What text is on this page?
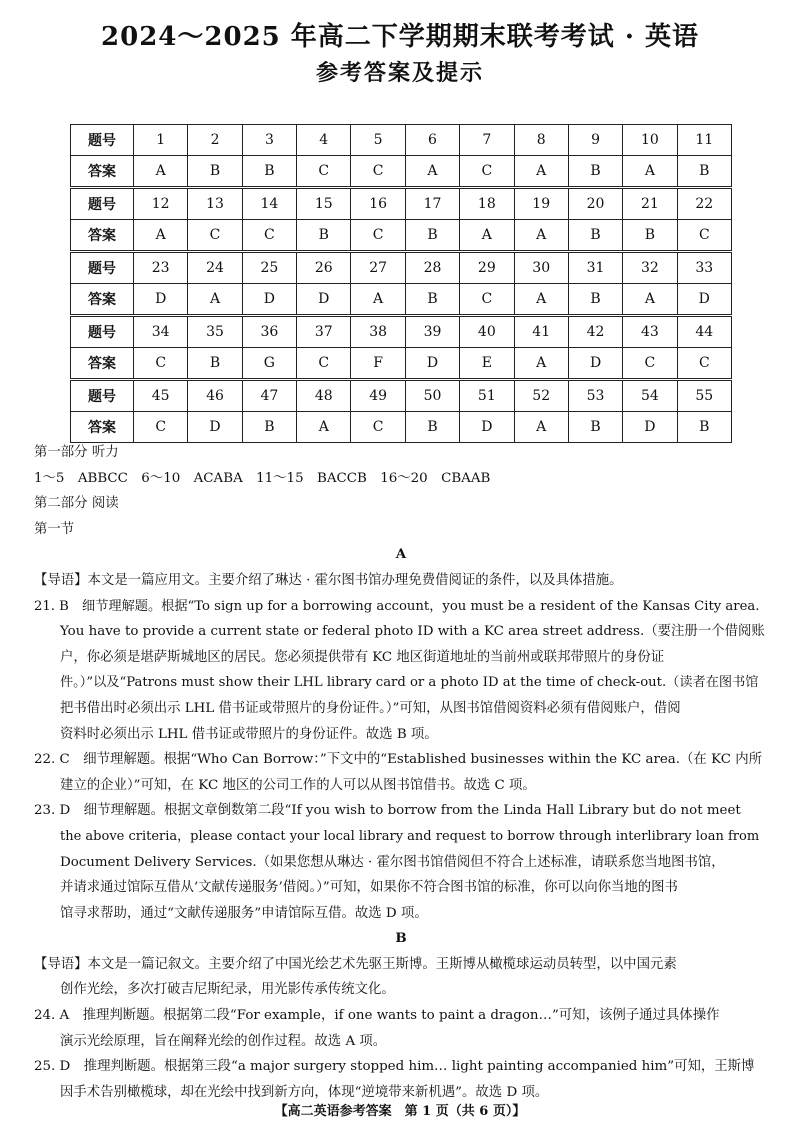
2024～2025 年高二下学期期末联考考试 · 英语
参考答案及提示
题号	1	2	3	4	5	6	7	8	9	10	11
答案	A	B	B	C	C	A	C	A	B	A	B
题号	12	13	14	15	16	17	18	19	20	21	22
答案	A	C	C	B	C	B	A	A	B	B	C
题号	23	24	25	26	27	28	29	30	31	32	33
答案	D	A	D	D	A	B	C	A	B	A	D
题号	34	35	36	37	38	39	40	41	42	43	44
答案	C	B	G	C	F	D	E	A	D	C	C
题号	45	46	47	48	49	50	51	52	53	54	55
答案	C	D	B	A	C	B	D	A	B	D	B
第一部分 听力
1～5　ABBCC　6～10　ACABA　11～15　BACCB　16～20　CBAAB
第二部分 阅读
第一节
A
【导语】本文是一篇应用文。主要介绍了琳达 · 霍尔图书馆办理免费借阅证的条件，以及具体措施。
21. B　细节理解题。根据“To sign up for a borrowing account，you must be a resident of the Kansas City area.
You have to provide a current state or federal photo ID with a KC area street address.（要注册一个借阅账
户，你必须是堪萨斯城地区的居民。您必须提供带有 KC 地区街道地址的当前州或联邦带照片的身份证
件。）”以及“Patrons must show their LHL library card or a photo ID at the time of check-out.（读者在图书馆
把书借出时必须出示 LHL 借书证或带照片的身份证件。）”可知，从图书馆借阅资料必须有借阅账户，借阅
资料时必须出示 LHL 借书证或带照片的身份证件。故选 B 项。
22. C　细节理解题。根据“Who Can Borrow：”下文中的“Established businesses within the KC area.（在 KC 内所
建立的企业）”可知，在 KC 地区的公司工作的人可以从图书馆借书。故选 C 项。
23. D　细节理解题。根据文章倒数第二段“If you wish to borrow from the Linda Hall Library but do not meet
the above criteria，please contact your local library and request to borrow through interlibrary loan from
Document Delivery Services.（如果您想从琳达 · 霍尔图书馆借阅但不符合上述标准，请联系您当地图书馆，
并请求通过馆际互借从‘文献传递服务’借阅。）”可知，如果你不符合图书馆的标准，你可以向你当地的图书
馆寻求帮助，通过“文献传递服务”申请馆际互借。故选 D 项。
B
【导语】本文是一篇记叙文。主要介绍了中国光绘艺术先驱王斯博。王斯博从橄榄球运动员转型，以中国元素
创作光绘，多次打破吉尼斯纪录，用光影传承传统文化。
24. A　推理判断题。根据第二段“For example，if one wants to paint a dragon…”可知，该例子通过具体操作
演示光绘原理，旨在阐释光绘的创作过程。故选 A 项。
25. D　推理判断题。根据第三段“a major surgery stopped him… light painting accompanied him”可知，王斯博
因手术告别橄榄球，却在光绘中找到新方向，体现“逆境带来新机遇”。故选 D 项。
【高二英语参考答案　第 1 页（共 6 页）】
